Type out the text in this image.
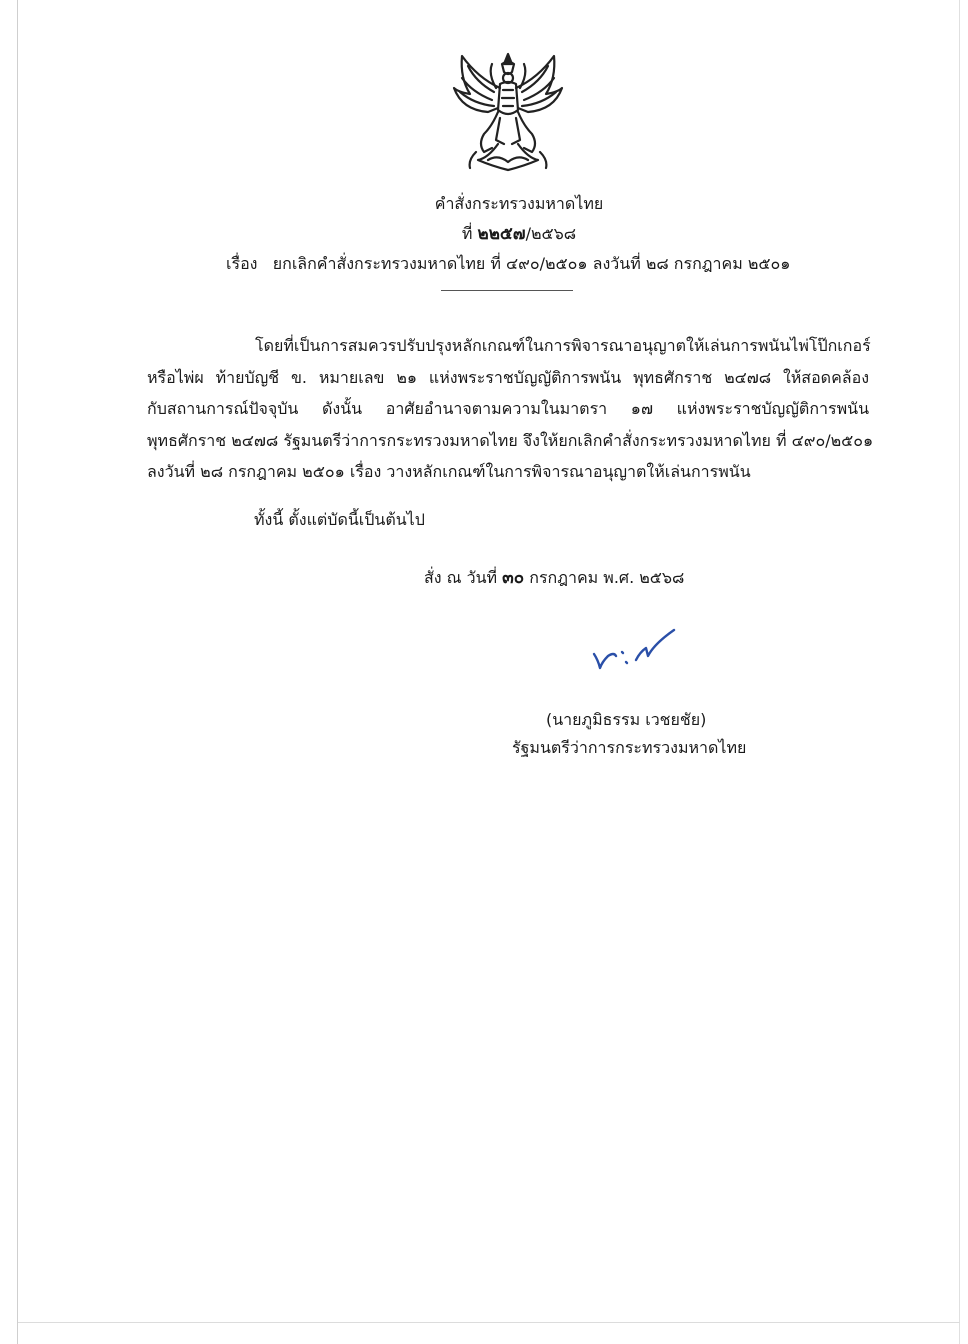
คำสั่งกระทรวงมหาดไทย
ที่ ๒๒๕๗/๒๕๖๘
เรื่อง ยกเลิกคำสั่งกระทรวงมหาดไทย ที่ ๔๙๐/๒๕๐๑ ลงวันที่ ๒๘ กรกฎาคม ๒๕๐๑
โดยที่เป็นการสมควรปรับปรุงหลักเกณฑ์ในการพิจารณาอนุญาตให้เล่นการพนันไพ่โป๊กเกอร์
หรือไพ่ผ ท้ายบัญชี ข. หมายเลข ๒๑ แห่งพระราชบัญญัติการพนัน พุทธศักราช ๒๔๗๘ ให้สอดคล้อง
กับสถานการณ์ปัจจุบัน ดังนั้น อาศัยอำนาจตามความในมาตรา ๑๗ แห่งพระราชบัญญัติการพนัน
พุทธศักราช ๒๔๗๘ รัฐมนตรีว่าการกระทรวงมหาดไทย จึงให้ยกเลิกคำสั่งกระทรวงมหาดไทย ที่ ๔๙๐/๒๕๐๑
ลงวันที่ ๒๘ กรกฎาคม ๒๕๐๑ เรื่อง วางหลักเกณฑ์ในการพิจารณาอนุญาตให้เล่นการพนัน
ทั้งนี้ ตั้งแต่บัดนี้เป็นต้นไป
สั่ง ณ วันที่ ๓๐ กรกฎาคม พ.ศ. ๒๕๖๘
(นายภูมิธรรม เวชยชัย)
รัฐมนตรีว่าการกระทรวงมหาดไทย
